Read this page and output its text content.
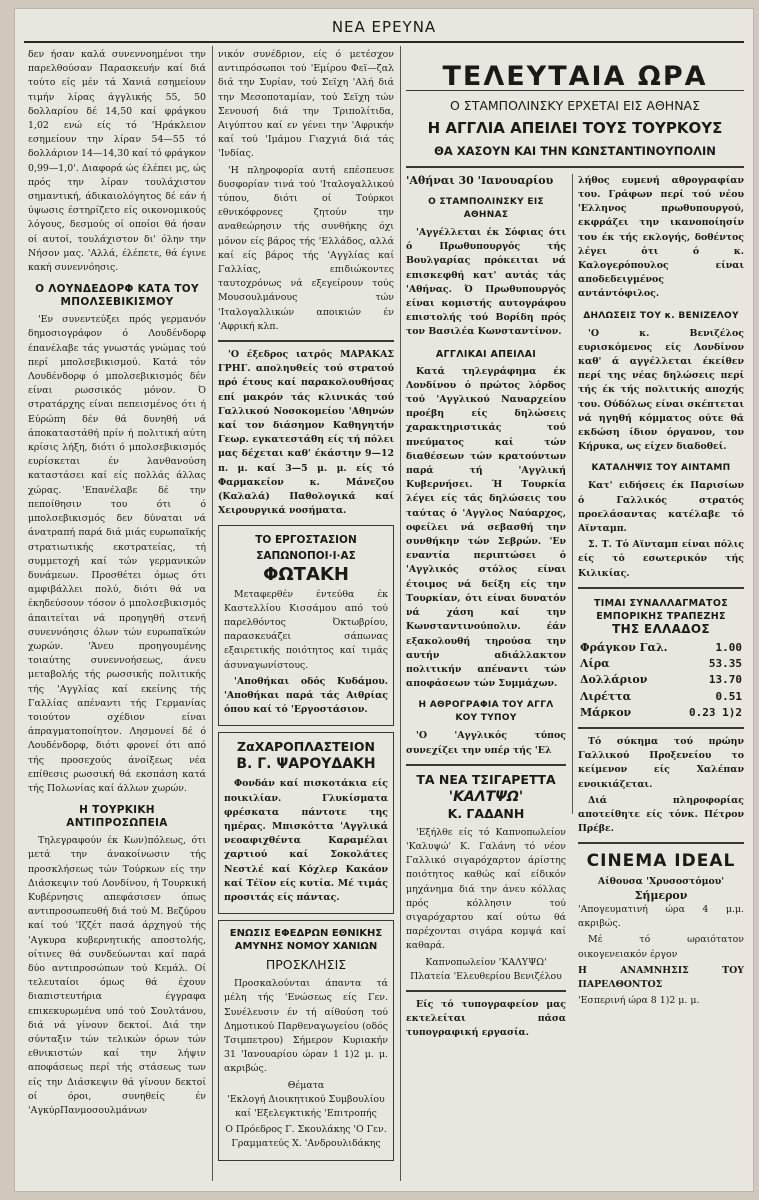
ΝΕΑ ΕΡΕΥΝΑ

δεν ήσαν καλά συνεννοημένοι την παρελθούσαν Παρασκευήν καί διά τούτο είς μέν τά Χανιά εσημείουν τιμήν λίρας άγγλικής 55, 50 δολλαρίου δέ 14,50 καί φράγκου 1,02 ενώ είς τό 'Ηράκλειον εσημείουν την λίραν 54—55 τό δολλάριον 14—14,30 καί τό φράγκον 0,99—1,0'. Διαφορά ώς έλέπει μς, ώς πρός την λίραν τουλάχιστον σημαντική, άδικαιολόγητος δέ εάν ή ύψωσις έστηρίζετο είς οικονομικούς λόγους, δεσμούς οί οποίοι θά ήσαν οί αυτοί, τουλάχιστον δι' όλην την Νήσον μας. 'Αλλά, έλέπετε, θά έγινε κακή συνεννόησις.

Ο ΛΟΥΝΔΕΔΟΡΦ ΚΑΤΑ ΤΟΥ ΜΠΟΛΣΕΒΙΚΙΣΜΟΥ

'Εν συνεντεύξει πρός γερμανόν δημοσιογράφον ό Λουδένδορφ έπανέλαβε τάς γνωστάς γνώμας τού περί μπολσεβικισμού. Κατά τόν Λουδένδορφ ό μπολσεβικισμός δέν είναι ρωσσικός μόνον. Ό στρατάρχης είναι πεπεισμένος ότι ή Εύρώπη δέν θά δυνηθή νά άποκαταστάθή πρίν ή πολιτική αύτη κρίσις λήξη, διότι ό μπολσεβικισμός ευρίσκεται έν λανθανούση καταστάσει καί είς πολλάς άλλας χώρας. 'Επανέλαβε δέ την πεποίθησιν του ότι ό μπολσεβικισμός δεν δύναται νά άνατραπή παρά διά μιάς ευρωπαϊκής στρατιωτικής εκστρατείας, τή συμμετοχή καί τών γερμανικών δυνάμεων. Προσθέτει όμως ότι αμφιβάλλει πολύ, διότι θά να έκηδεύσουν τόσον ό μπολσεβικισμός άπαιτείται νά προηγηθή στενή συνεννόησις όλων τών ευρωπαϊκών χωρών. 'Άνευ προηγουμένης τοιαύτης συνεννοήσεως, άνευ μεταβολής τής ρωσσικής πολιτικής τής 'Αγγλίας καί εκείνης τής Γαλλίας απέναντι τής Γερμανίας τοιούτον σχέδιον είναι άπραγματοποίητον. Λησμονεί δέ ό Λουδένδορφ, διότι φρονεί ότι από τής προσεχούς άνοίξεως νέα επίθεσις ρωσσική θά εκσπάση κατά τής Πολωνίας καί άλλων χωρών.

Η ΤΟΥΡΚΙΚΗ ΑΝΤΙΠΡΟΣΩΠΕΙΑ

Τηλεγραφούν έκ Κων)πόλεως, ότι μετά την άνακοίνωσιν τής προσκλήσεως τών Τούρκων είς την Διάσκεψιν τού Λονδίνου, ή Τουρκική Κυβέρνησις απεφάσισεν όπως αντιπροσωπευθή διά τού Μ. Βεζύρου καί τού 'Ιζζέτ πασά άρχηγού τής 'Αγκυρα κυβερνητικής αποστολής, οίτινες θά συνδεύωνται καί παρά δύο αντιπροσώπων τού Κεμάλ. Οί τελευταίοι όμως θά έχουν διαπιστευτήρια έγγραφα επικεκυρωμένα υπό τού Σουλτάνου, διά νά γίνουν δεκτοί. Διά την σύνταξιν τών τελικών όρων τών εθνικιστών καί την λήψιν αποφάσεως περί τής στάσεως των είς την Διάσκεψιν θά γίνουν δεκτοί οί όροι, συνηθείς έν 'ΑγκύρΠανμοσουλμάνων

νικόν συνέδριον, είς ό μετέσχον αντιπρόσωποι τού 'Εμίρου Φεϊ—ζαλ διά την Συρίαν, τού Σεϊχη 'Αλή διά την Μεσοποταμίαν, τού Σεϊχη τών Σενουσή διά την Τριπολίτιδα, Αιγύπτου καί εν γένει την 'Αφρικήν καί τού 'Ιμάμου Γιαχγιά διά τάς 'Ινδίας.

'Η πληροφορία αυτή επέσπευσε δυσφορίαν τινά τού 'Ιταλογαλλικού τύπου, διότι οί Τούρκοι εθνικόφρονες ζητούν την αναθεώρησιν τής συνθήκης όχι μόνον είς βάρος τής 'Ελλάδος, αλλά καί είς βάρος τής 'Αγγλίας καί Γαλλίας, επιδιώκοντες ταυτοχρόνως νά εξεγείρουν τούς Μουσουλμάνους τών 'Ιταλογαλλικών αποικιών έν 'Αφρική κλπ.

'Ο έξεδρος ιατρός ΜΑΡΑΚΑΣ ΓΡΗΓ. αποληυθείς τού στρατού πρό έτους καί παρακολουθήσας επί μακρόν τάς κλινικάς τού Γαλλικού Νοσοκομείου 'Αθηνών καί τον διάσημον Καθηγητήν Γεωρ. εγκατεστάθη είς τή πόλει μας δέχεται καθ' έκάστην 9—12 π. μ. καί 3—5 μ. μ. είς τό Φαρμακείον κ. Μάνεζου (Καλαλά) Παθολογικά καί Χειρουργικά νοσήματα.

ΤΟ ΕΡΓΟΣΤΑΣΙΟΝ ΣΑΠΩΝΟΠΟΙ·Ι·ΑΣ
ΦΩΤΑΚΗ

Μεταφερθέν έντεύθα έκ Καστελλίου Κισσάμου από τού παρελθόντος Όκτωβρίου, παρασκευάζει σάπωνας εξαιρετικής ποιότητος καί τιμάς άσυναγωνίστους.

'Αποθήκαι οδός Κυδάμου. 'Αποθήκαι παρά τάς Αιθρίας όπου καί τό 'Εργοστάσιον.

ΖαΧΑΡΟΠΛΑΣΤΕΙΟΝ
Β. Γ. ΨΑΡΟΥΔΑΚΗ

Φονδάν καί πισκοτάκια είς ποικιλίαν. Γλυκίσματα φρέσκατα πάντοτε της ημέρας. Μπισκόττα 'Αγγλικά νεοαφιχθέντα Καραμέλαι χαρτιού καί Σοκολάτες Νεστλέ καί Κόχλερ Κακάον καί Τέϊον είς κυτία. Μέ τιμάς προσιτάς είς πάντας.

ΕΝΩΣΙΣ ΕΦΕΔΡΩΝ ΕΘΝΙΚΗΣ ΑΜΥΝΗΣ ΝΟΜΟΥ ΧΑΝΙΩΝ
ΠΡΟΣΚΛΗΣΙΣ

Προσκαλούνται άπαντα τά μέλη τής 'Ενώσεως είς Γεν. Συνέλευσιν έν τή αίθούση τού Δημοτικού Παρθεναγωγείου (οδός Τσιμπετρου) Σήμερον Κυριακήν 31 'Ιανουαρίου ώραν 1 1)2 μ. μ. ακριβώς.

Θέματα

'Εκλογή Διοικητικού Συμβουλίου καί 'Εξελεγκτικής 'Επιτροπής

Ο Πρόεδρος Γ. Σκουλάκης 'Ο Γεν. Γραμματεύς Χ. 'Ανδρουλιδάκης

ΤΕΛΕΥΤΑΙΑ ΩΡΑ
Ο ΣΤΑΜΠΟΛΙΝΣΚΥ ΕΡΧΕΤΑΙ ΕΙΣ ΑΘΗΝΑΣ
Η ΑΓΓΛΙΑ ΑΠΕΙΛΕΙ ΤΟΥΣ ΤΟΥΡΚΟΥΣ
ΘΑ ΧΑΣΟΥΝ ΚΑΙ ΤΗΝ ΚΩΝΣΤΑΝΤΙΝΟΥΠΟΛΙΝ

'Αθήναι 30 'Ιανουαρίου

Ο ΣΤΑΜΠΟΛΙΝΣΚΥ ΕΙΣ ΑΘΗΝΑΣ

'Αγγέλλεται έκ Σόφιας ότι ό Πρωθυπουργός τής Βουλγαρίας πρόκειται νά επισκεφθή κατ' αυτάς τάς 'Αθήνας. Ό Πρωθυπουργός είναι κομιστής αυτογράφου επιστολής τού Βορίδη πρός τον Βασιλέα Κωνσταντίνον.

ΑΓΓΛΙΚΑΙ ΑΠΕΙΛΑΙ

Κατά τηλεγράφημα έκ Λονδίνου ό πρώτος λόρδος τού 'Αγγλικού Ναυαρχείου προέβη είς δηλώσεις χαρακτηριστικάς τού πνεύματος καί τών διαθέσεων τών κρατούντων παρά τή 'Αγγλική Κυβερνήσει. Ή Τουρκία λέγει είς τάς δηλώσεις του ταύτας ό 'Αγγλος Ναύαρχος, οφείλει νά σεβασθή την συνθήκην τών Σεβρών. 'Εν εναντία περιπτώσει ό 'Αγγλικός στόλος είναι έτοιμος νά δείξη είς την Τουρκίαν, ότι είναι δυνατόν νά χάση καί την Κωνσταντινούπολιν. έάν εξακολουθή τηρούσα την αυτήν αδιάλλακτον πολιτικήν απέναντι τών αποφάσεων τών Συμμάχων.

Η ΑΘΡΟΓΡΑΦΙΑ ΤΟΥ ΑΓΓΛ ΚΟΥ ΤΥΠΟΥ

'Ο 'Αγγλικός τύπος συνεχίζει την υπέρ τής 'Ελ

ΤΑ ΝΕΑ ΤΣΙΓΑΡΕΤΤΑ
'ΚΑΛΤΨΩ'
Κ. ΓΑΔΑΝΗ

'Εξήλθε είς τό Καπνοπωλείον 'Καλυψώ' Κ. Γαλάνη τό νέον Γαλλικό σιγαρόχαρτον άρίστης ποιότητος καθώς καί είδικόν μηχάνημα διά την άνευ κόλλας πρός κόλλησιν τού σιγαρόχαρτου καί ούτω θά παρέχονται σιγάρα κομψά καί καθαρά.

Καπνοπωλείον 'ΚΑΛΥΨΩ' Πλατεία 'Ελευθερίου Βενιζέλου

Είς τό τυπογραφείον μας εκτελείται πάσα τυπογραφική εργασία.

λήθος ευμενή αθρογραφίαν του. Γράφων περί τού νέου 'Ελληνος πρωθυπουργού, εκφράζει την ικανοποίησίν του έκ τής εκλογής, δοθέντος λέγει ότι ό κ. Καλογερόπουλος είναι αποδεδειγμένος αντάντόφιλος.

ΔΗΛΩΣΕΙΣ ΤΟΥ κ. ΒΕΝΙΖΕΛΟΥ

'Ο κ. Βενιζέλος ευρισκόμενος είς Λονδίνον καθ' ά αγγέλλεται έκείθεν περί της νέας δηλώσεις περί τής έκ τής πολιτικής αποχής του. Ούδόλως είναι σκέπτεται νά ηγηθή κόμματος ούτε θά εκδώση ίδιον όργανον, τον Κήρυκα, ως είχεν διαδοθεί.

ΚΑΤΑΛΗΨΙΣ ΤΟΥ ΑΙΝΤΑΜΠ

Κατ' ειδήσεις έκ Παρισίων ό Γαλλικός στρατός προελάσαντας κατέλαβε τό Αϊνταμπ.

Σ. Τ. Τό Αϊνταμπ είναι πόλις είς τό εσωτερικόν τής Κιλικίας.

ΤΙΜΑΙ ΣΥΝΑΛΛΑΓΜΑΤΟΣ ΕΜΠΟΡΙΚΗΣ ΤΡΑΠΕΖΗΣ
ΤΗΣ ΕΛΛΑΔΟΣ
Φράγκον Γαλ.	1.00
Λίρα	53.35
Δολλάριον	13.70
Λιρέττα	0.51
Μάρκον	0.23 1)2

Τό σύκημα τού πρώην Γαλλικού Προξενείου το κείμενον είς Χαλέπαν ενοικιάζεται.

Διά πληροφορίας αποτείθητε είς τόνκ. Πέτρον Πρέβε.

CINEMA IDEAL
Αίθουσα 'Χρυσοστόμου'
Σήμερον

'Απογευματινή ώρα 4 μ.μ. ακριβώς.

Μέ τό ωραιότατον οικογενειακόν έργον

Η ΑΝΑΜΝΗΣΙΣ ΤΟΥ ΠΑΡΕΛΘΟΝΤΟΣ

'Εσπερινή ώρα 8 1)2 μ. μ.
